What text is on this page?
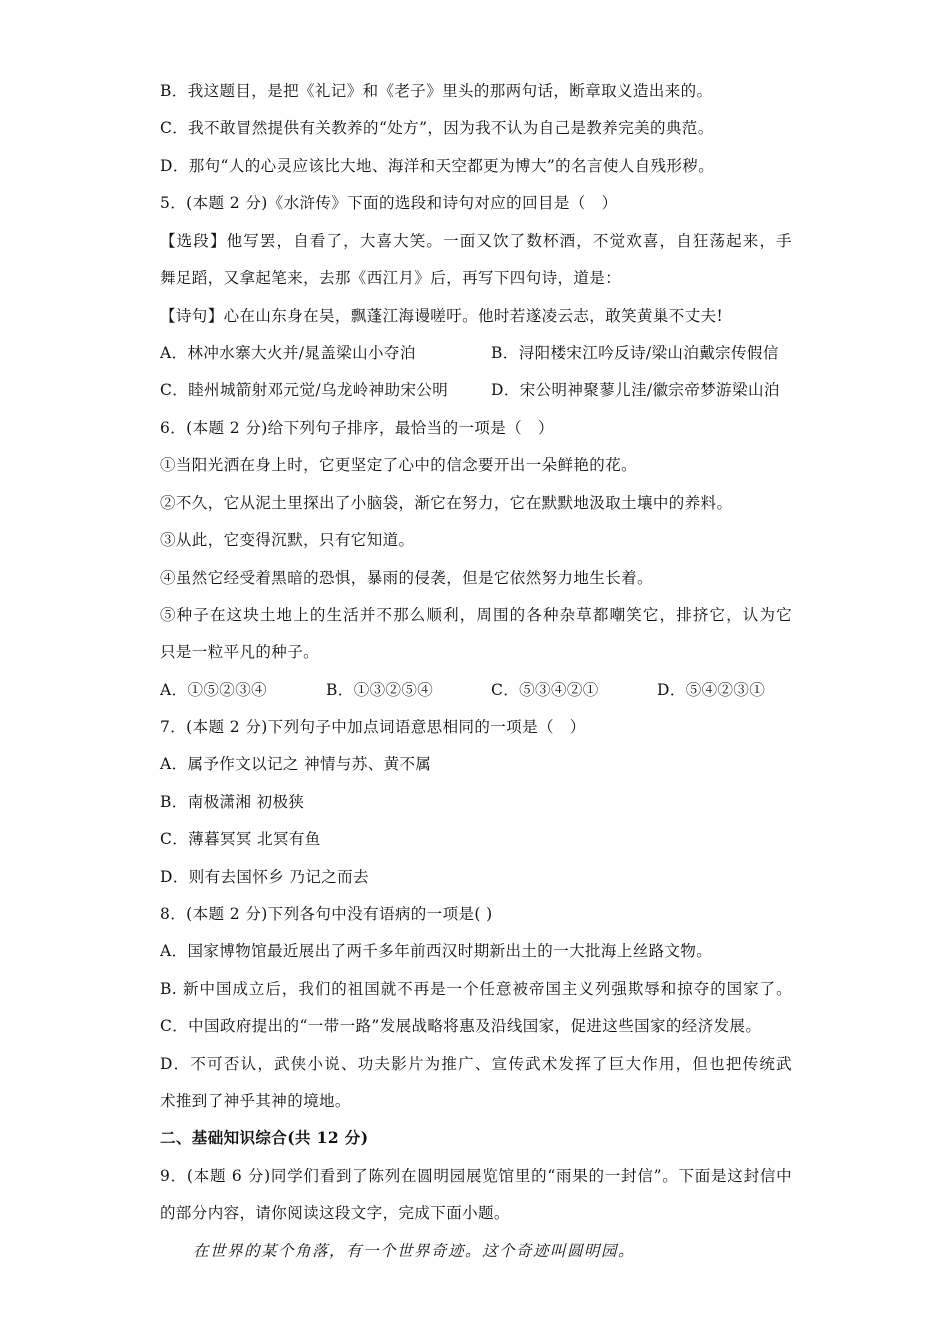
B．我这题目，是把《礼记》和《老子》里头的那两句话，断章取义造出来的。
C．我不敢冒然提供有关教养的“处方”，因为我不认为自己是教养完美的典范。
D．那句“人的心灵应该比大地、海洋和天空都更为博大”的名言使人自残形秽。
5．(本题 2 分)《水浒传》下面的选段和诗句对应的回目是（　）
【选段】他写罢，自看了，大喜大笑。一面又饮了数杯酒，不觉欢喜，自狂荡起来，手
舞足蹈，又拿起笔来，去那《西江月》后，再写下四句诗，道是：
【诗句】心在山东身在吴，飘蓬江海谩嗟吁。他时若遂凌云志，敢笑黄巢不丈夫!
A．林冲水寨大火并/晁盖梁山小夺泊	B．浔阳楼宋江吟反诗/梁山泊戴宗传假信
C．睦州城箭射邓元觉/乌龙岭神助宋公明	D．宋公明神聚蓼儿洼/徽宗帝梦游梁山泊
6．(本题 2 分)给下列句子排序，最恰当的一项是（　）
①当阳光洒在身上时，它更坚定了心中的信念要开出一朵鲜艳的花。
②不久，它从泥土里探出了小脑袋，渐它在努力，它在默默地汲取土壤中的养料。
③从此，它变得沉默，只有它知道。
④虽然它经受着黑暗的恐惧，暴雨的侵袭，但是它依然努力地生长着。
⑤种子在这块土地上的生活并不那么顺利，周围的各种杂草都嘲笑它，排挤它，认为它
只是一粒平凡的种子。
A．①⑤②③④	B．①③②⑤④	C．⑤③④②①	D．⑤④②③①
7．(本题 2 分)下列句子中加点词语意思相同的一项是（　）
A．属予作文以记之 神情与苏、黄不属
B．南极潇湘 初极狭
C．薄暮冥冥 北冥有鱼
D．则有去国怀乡 乃记之而去
8．(本题 2 分)下列各句中没有语病的一项是( )
A．国家博物馆最近展出了两千多年前西汉时期新出土的一大批海上丝路文物。
B. 新中国成立后，我们的祖国就不再是一个任意被帝国主义列强欺辱和掠夺的国家了。
C．中国政府提出的“一带一路”发展战略将惠及沿线国家，促进这些国家的经济发展。
D．不可否认，武侠小说、功夫影片为推广、宣传武术发挥了巨大作用，但也把传统武
术推到了神乎其神的境地。
二、基础知识综合(共 12 分)
9．(本题 6 分)同学们看到了陈列在圆明园展览馆里的“雨果的一封信”。下面是这封信中
的部分内容，请你阅读这段文字，完成下面小题。
在世界的某个角落，有一个世界奇迹。这个奇迹叫圆明园。
